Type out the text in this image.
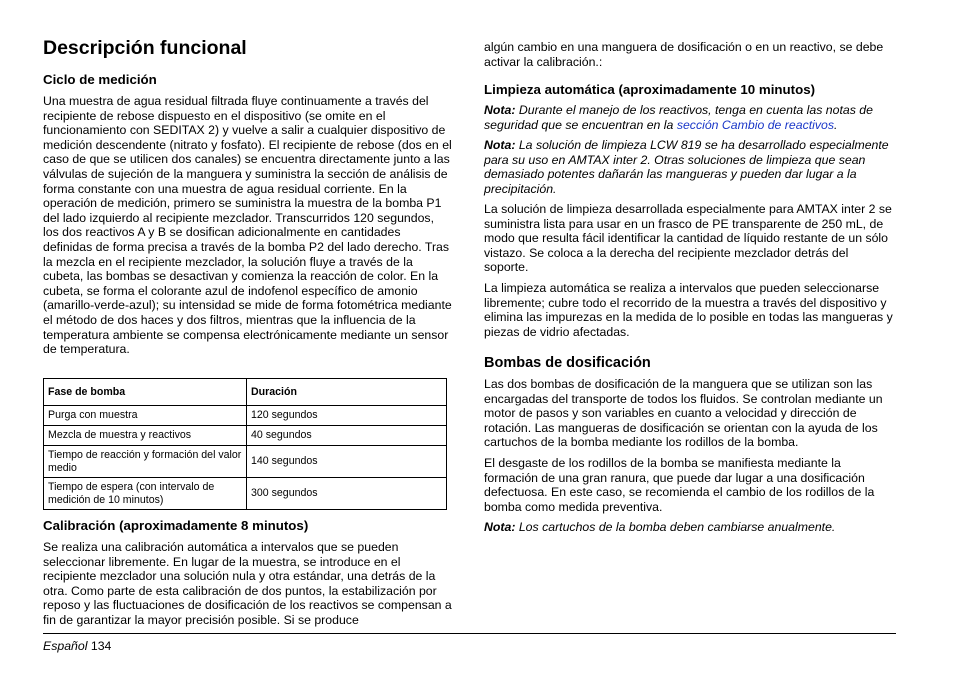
Descripción funcional
Ciclo de medición

Una muestra de agua residual filtrada fluye continuamente a través del recipiente de rebose dispuesto en el dispositivo (se omite en el funcionamiento con SEDITAX 2) y vuelve a salir a cualquier dispositivo de medición descendente (nitrato y fosfato). El recipiente de rebose (dos en el caso de que se utilicen dos canales) se encuentra directamente junto a las válvulas de sujeción de la manguera y suministra la sección de análisis de forma constante con una muestra de agua residual corriente. En la operación de medición, primero se suministra la muestra de la bomba P1 del lado izquierdo al recipiente mezclador. Transcurridos 120 segundos, los dos reactivos A y B se dosifican adicionalmente en cantidades definidas de forma precisa a través de la bomba P2 del lado derecho. Tras la mezcla en el recipiente mezclador, la solución fluye a través de la cubeta, las bombas se desactivan y comienza la reacción de color. En la cubeta, se forma el colorante azul de indofenol específico de amonio (amarillo-verde-azul); su intensidad se mide de forma fotométrica mediante el método de dos haces y dos filtros, mientras que la influencia de la temperatura ambiente se compensa electrónicamente mediante un sensor de temperatura.

Fase de bomba	Duración
Purga con muestra	120 segundos
Mezcla de muestra y reactivos	40 segundos
Tiempo de reacción y formación del valor medio	140 segundos
Tiempo de espera (con intervalo de medición de 10 minutos)	300 segundos
Calibración (aproximadamente 8 minutos)

Se realiza una calibración automática a intervalos que se pueden seleccionar libremente. En lugar de la muestra, se introduce en el recipiente mezclador una solución nula y otra estándar, una detrás de la otra. Como parte de esta calibración de dos puntos, la estabilización por reposo y las fluctuaciones de dosificación de los reactivos se compensan a fin de garantizar la mayor precisión posible. Si se produce

algún cambio en una manguera de dosificación o en un reactivo, se debe activar la calibración.:

Limpieza automática (aproximadamente 10 minutos)

Nota: Durante el manejo de los reactivos, tenga en cuenta las notas de seguridad que se encuentran en la sección Cambio de reactivos.

Nota: La solución de limpieza LCW 819 se ha desarrollado especialmente para su uso en AMTAX inter 2. Otras soluciones de limpieza que sean demasiado potentes dañarán las mangueras y pueden dar lugar a la precipitación.

La solución de limpieza desarrollada especialmente para AMTAX inter 2 se suministra lista para usar en un frasco de PE transparente de 250 mL, de modo que resulta fácil identificar la cantidad de líquido restante de un sólo vistazo. Se coloca a la derecha del recipiente mezclador detrás del soporte.

La limpieza automática se realiza a intervalos que pueden seleccionarse libremente; cubre todo el recorrido de la muestra a través del dispositivo y elimina las impurezas en la medida de lo posible en todas las mangueras y piezas de vidrio afectadas.

Bombas de dosificación

Las dos bombas de dosificación de la manguera que se utilizan son las encargadas del transporte de todos los fluidos. Se controlan mediante un motor de pasos y son variables en cuanto a velocidad y dirección de rotación. Las mangueras de dosificación se orientan con la ayuda de los cartuchos de la bomba mediante los rodillos de la bomba.

El desgaste de los rodillos de la bomba se manifiesta mediante la formación de una gran ranura, que puede dar lugar a una dosificación defectuosa. En este caso, se recomienda el cambio de los rodillos de la bomba como medida preventiva.

Nota: Los cartuchos de la bomba deben cambiarse anualmente.

Español 134
